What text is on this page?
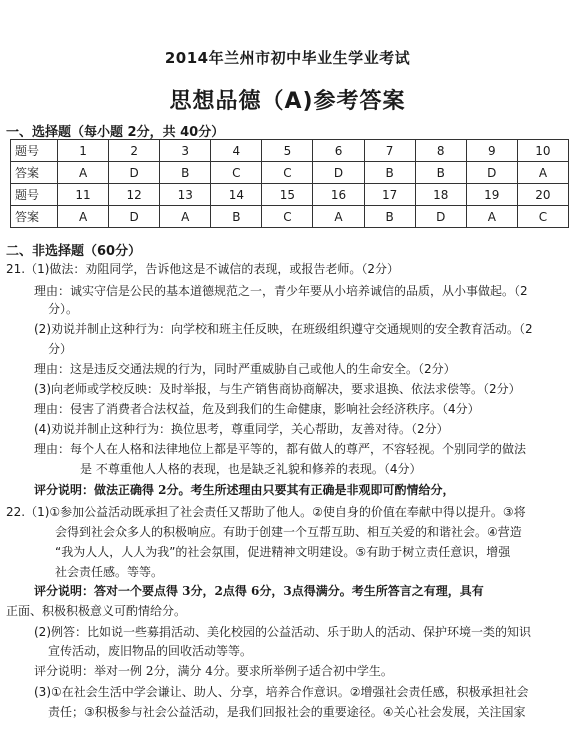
2014年兰州市初中毕业生学业考试
思想品德（A)参考答案
一、选择题（每小题 2分，共 40分）
题号	1	2	3	4	5	6	7	8	9	10
答案	A	D	B	C	C	D	B	B	D	A
题号	11	12	13	14	15	16	17	18	19	20
答案	A	D	A	B	C	A	B	D	A	C
二、非选择题（60分）
21.（1)做法：劝阻同学，告诉他这是不诚信的表现，或报告老师。（2分）
理由：诚实守信是公民的基本道德规范之一，青少年要从小培养诚信的品质，从小事做起。（2
分）。
(2)劝说并制止这种行为：向学校和班主任反映，在班级组织遵守交通规则的安全教育活动。（2
分）
理由：这是违反交通法规的行为，同时严重威胁自己或他人的生命安全。（2分）
(3)向老师或学校反映：及时举报，与生产销售商协商解决，要求退换、依法求偿等。（2分）
理由：侵害了消费者合法权益，危及到我们的生命健康，影响社会经济秩序。（4分）
(4)劝说并制止这种行为：换位思考，尊重同学，关心帮助，友善对待。（2分）
理由：每个人在人格和法律地位上都是平等的，都有做人的尊严，不容轻视。个别同学的做法
是 不尊重他人人格的表现，也是缺乏礼貌和修养的表现。（4分）
评分说明：做法正确得 2分。考生所述理由只要其有正确是非观即可酌情给分，
22.（1)①参加公益活动既承担了社会责任又帮助了他人。②使自身的价值在奉献中得以提升。③将
会得到社会众多人的积极响应。有助于创建一个互帮互助、相互关爱的和谐社会。④营造
“我为人人，人人为我”的社会氛围，促进精神文明建设。⑤有助于树立责任意识，增强
社会责任感。等等。
评分说明：答对一个要点得 3分，2点得 6分，3点得满分。考生所答言之有理，具有
正面、积极积极意义可酌情给分。
(2)例答：比如说一些募捐活动、美化校园的公益活动、乐于助人的活动、保护环境一类的知识
宣传活动，废旧物品的回收活动等等。
评分说明：举对一例 2分，满分 4分。要求所举例子适合初中学生。
(3)①在社会生活中学会谦让、助人、分享，培养合作意识。②增强社会责任感，积极承担社会
责任；③积极参与社会公益活动，是我们回报社会的重要途径。④关心社会发展，关注国家
